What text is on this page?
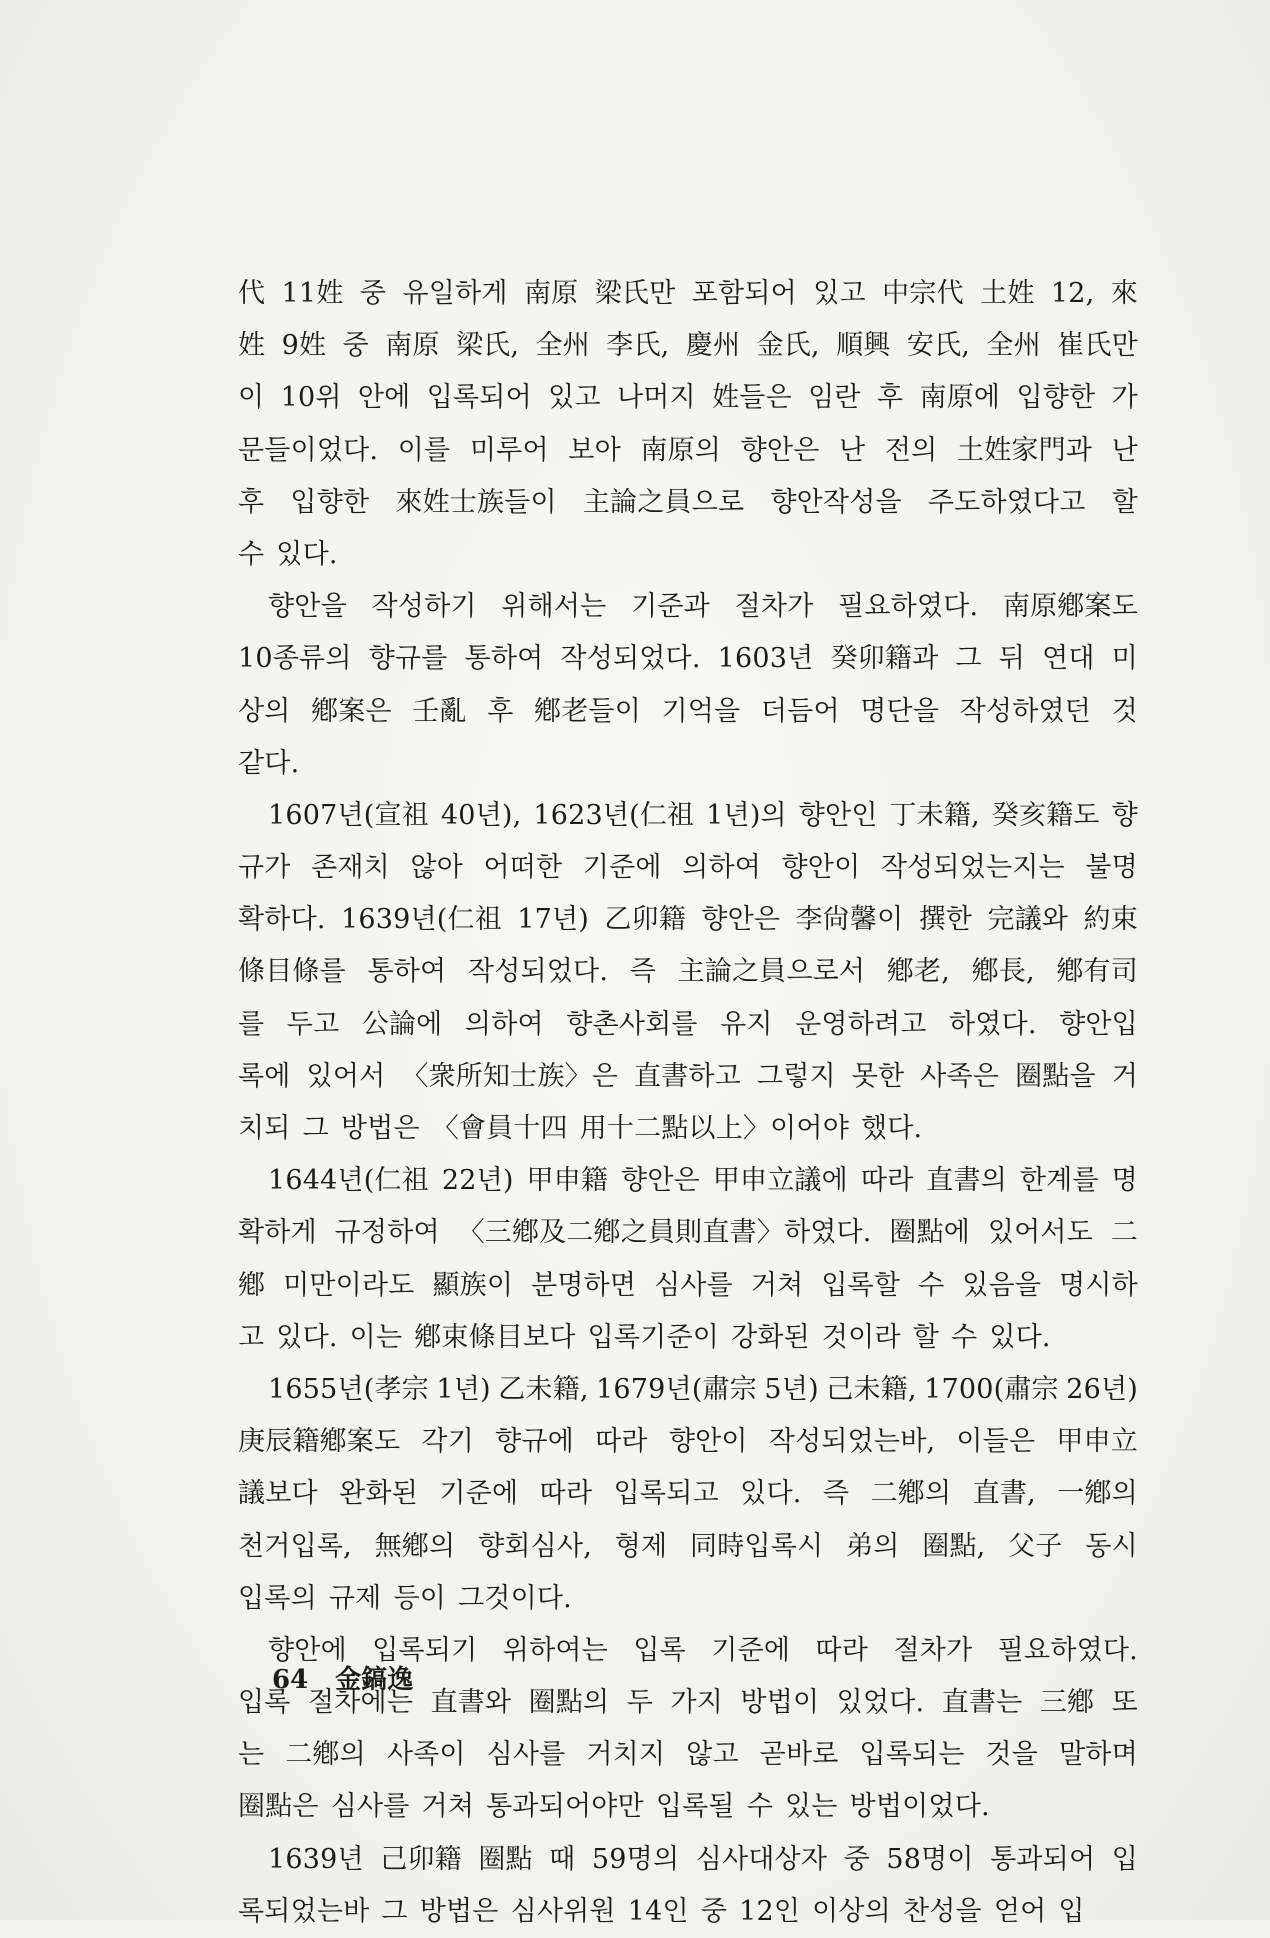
代 11姓 중 유일하게 南原 梁氏만 포함되어 있고 中宗代 土姓 12, 來
姓 9姓 중 南原 梁氏, 全州 李氏, 慶州 金氏, 順興 安氏, 全州 崔氏만
이 10위 안에 입록되어 있고 나머지 姓들은 임란 후 南原에 입향한 가
문들이었다. 이를 미루어 보아 南原의 향안은 난 전의 土姓家門과 난
후 입향한 來姓士族들이 主論之員으로 향안작성을 주도하였다고 할
수 있다.
향안을 작성하기 위해서는 기준과 절차가 필요하였다. 南原鄕案도
10종류의 향규를 통하여 작성되었다. 1603년 癸卯籍과 그 뒤 연대 미
상의 鄕案은 壬亂 후 鄕老들이 기억을 더듬어 명단을 작성하였던 것
같다.
1607년(宣祖 40년), 1623년(仁祖 1년)의 향안인 丁未籍, 癸亥籍도 향
규가 존재치 않아 어떠한 기준에 의하여 향안이 작성되었는지는 불명
확하다. 1639년(仁祖 17년) 乙卯籍 향안은 李尙馨이 撰한 完議와 約束
條目條를 통하여 작성되었다. 즉 主論之員으로서 鄕老, 鄕長, 鄕有司
를 두고 公論에 의하여 향촌사회를 유지 운영하려고 하였다. 향안입
록에 있어서 〈衆所知士族〉은 直書하고 그렇지 못한 사족은 圈點을 거
치되 그 방법은 〈會員十四 用十二點以上〉이어야 했다.
1644년(仁祖 22년) 甲申籍 향안은 甲申立議에 따라 直書의 한계를 명
확하게 규정하여 〈三鄕及二鄕之員則直書〉하였다. 圈點에 있어서도 二
鄕 미만이라도 顯族이 분명하면 심사를 거쳐 입록할 수 있음을 명시하
고 있다. 이는 鄕束條目보다 입록기준이 강화된 것이라 할 수 있다.
1655년(孝宗 1년) 乙未籍, 1679년(肅宗 5년) 己未籍, 1700(肅宗 26년)
庚辰籍鄕案도 각기 향규에 따라 향안이 작성되었는바, 이들은 甲申立
議보다 완화된 기준에 따라 입록되고 있다. 즉 二鄕의 直書, 一鄕의
천거입록, 無鄕의 향회심사, 형제 同時입록시 弟의 圈點, 父子 동시
입록의 규제 등이 그것이다.
향안에 입록되기 위하여는 입록 기준에 따라 절차가 필요하였다.
입록 절차에는 直書와 圈點의 두 가지 방법이 있었다. 直書는 三鄕 또
는 二鄕의 사족이 심사를 거치지 않고 곧바로 입록되는 것을 말하며
圈點은 심사를 거쳐 통과되어야만 입록될 수 있는 방법이었다.
1639년 己卯籍 圈點 때 59명의 심사대상자 중 58명이 통과되어 입
록되었는바 그 방법은 심사위원 14인 중 12인 이상의 찬성을 얻어 입
64 金鎬逸
